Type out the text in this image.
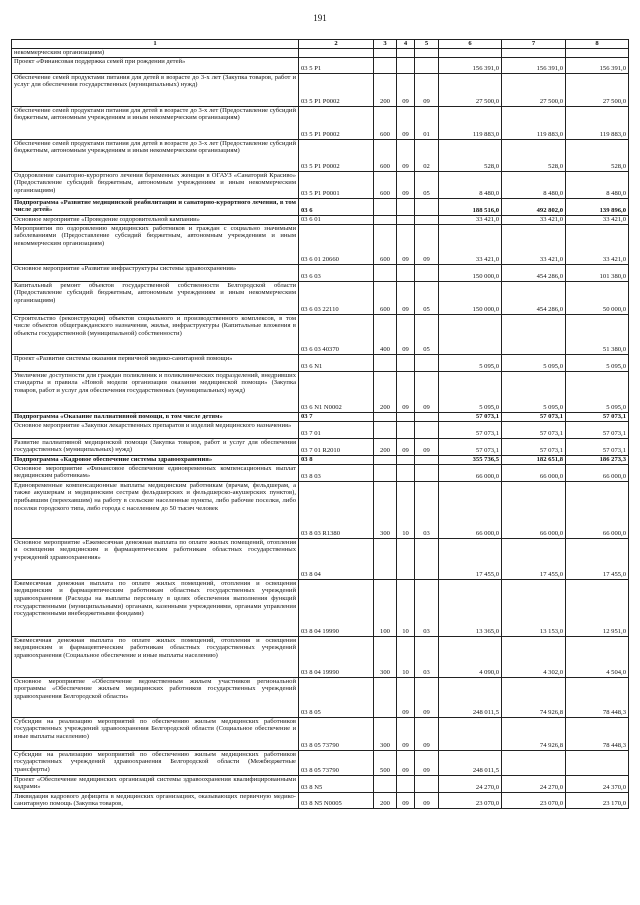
191
1	2	3	4	5	6	7	8
некоммерческим организациям)							
Проект «Финансовая поддержка семей при рождении детей»	03 5 P1				156 391,0	156 391,0	156 391,0
Обеспечение семей продуктами питания для детей в возрасте до 3-х лет (Закупка товаров, работ и услуг для обеспечения государственных (муниципальных) нужд)	03 5 P1 P0002	200	09	09	27 500,0	27 500,0	27 500,0
Обеспечение семей продуктами питания для детей в возрасте до 3-х лет (Предоставление субсидий бюджетным, автономным учреждениям и иным некоммерческим организациям)	03 5 P1 P0002	600	09	01	119 883,0	119 883,0	119 883,0
Обеспечение семей продуктами питания для детей в возрасте до 3-х лет (Предоставление субсидий бюджетным, автономным учреждениям и иным некоммерческим организациям)	03 5 P1 P0002	600	09	02	528,0	528,0	528,0
Оздоровление санаторно-курортного лечения беременных женщин в ОГАУЗ «Санаторий Красиво» (Предоставление субсидий бюджетным, автономным учреждениям и иным некоммерческим организациям)	03 5 P1 P0001	600	09	05	8 480,0	8 480,0	8 480,0
Подпрограмма «Развитие медицинской реабилитации и санаторно-курортного лечения, в том числе детей»	03 6				188 516,0	492 802,0	139 896,0
Основное мероприятие «Проведение оздоровительной кампании»	03 6 01				33 421,0	33 421,0	33 421,0
Мероприятия по оздоровлению медицинских работников и граждан с социально значимыми заболеваниями (Предоставление субсидий бюджетным, автономным учреждениям и иным некоммерческим организациям)	03 6 01 20660	600	09	09	33 421,0	33 421,0	33 421,0
Основное мероприятие «Развитие инфраструктуры системы здравоохранения»	03 6 03				150 000,0	454 286,0	101 380,0
Капитальный ремонт объектов государственной собственности Белгородской области (Предоставление субсидий бюджетным, автономным учреждениям и иным некоммерческим организациям)	03 6 03 22110	600	09	05	150 000,0	454 286,0	50 000,0
Строительство (реконструкция) объектов социального и производственного комплексов, в том числе объектов общегражданского назначения, жилья, инфраструктуры (Капитальные вложения в объекты государственной (муниципальной) собственности)	03 6 03 40370	400	09	05			51 380,0
Проект «Развитие системы оказания первичной медико-санитарной помощи»	03 6 N1				5 095,0	5 095,0	5 095,0
Увеличение доступности для граждан поликлиник и поликлинических подразделений, внедривших стандарты и правила «Новой модели организации оказания медицинской помощи» (Закупка товаров, работ и услуг для обеспечения государственных (муниципальных) нужд)	03 6 N1 N0002	200	09	09	5 095,0	5 095,0	5 095,0
Подпрограмма «Оказание паллиативной помощи, в том числе детям»	03 7				57 073,1	57 073,1	57 073,1
Основное мероприятие «Закупки лекарственных препаратов и изделий медицинского назначения»	03 7 01				57 073,1	57 073,1	57 073,1
Развитие паллиативной медицинской помощи (Закупка товаров, работ и услуг для обеспечения государственных (муниципальных) нужд)	03 7 01 R2010	200	09	09	57 073,1	57 073,1	57 073,1
Подпрограмма «Кадровое обеспечение системы здравоохранения»	03 8				355 736,5	182 651,8	186 273,3
Основное мероприятие «Финансовое обеспечение единовременных компенсационных выплат медицинским работникам»	03 8 03				66 000,0	66 000,0	66 000,0
Единовременные компенсационные выплаты медицинским работникам (врачам, фельдшерам, а также акушеркам и медицинским сестрам фельдшерских и фельдшерско-акушерских пунктов), прибывшим (переехавшим) на работу в сельские населенные пункты, либо рабочие поселки, либо поселки городского типа, либо города с населением до 50 тысяч человек	03 8 03 R1380	300	10	03	66 000,0	66 000,0	66 000,0
Основное мероприятие «Ежемесячная денежная выплата по оплате жилых помещений, отопления и освещения медицинским и фармацевтическим работникам областных государственных учреждений здравоохранения»	03 8 04				17 455,0	17 455,0	17 455,0
Ежемесячная денежная выплата по оплате жилых помещений, отопления и освещения медицинским и фармацевтическим работникам областных государственных учреждений здравоохранения (Расходы на выплаты персоналу в целях обеспечения выполнения функций государственными (муниципальными) органами, казенными учреждениями, органами управления государственными внебюджетными фондами)	03 8 04 19990	100	10	03	13 365,0	13 153,0	12 951,0
Ежемесячная денежная выплата по оплате жилых помещений, отопления и освещения медицинским и фармацевтическим работникам областных государственных учреждений здравоохранения (Социальное обеспечение и иные выплаты населению)	03 8 04 19990	300	10	03	4 090,0	4 302,0	4 504,0
Основное мероприятие «Обеспечение ведомственным жильем участников региональной программы «Обеспечение жильем медицинских работников государственных учреждений здравоохранения Белгородской области»	03 8 05		09	09	248 011,5	74 926,8	78 448,3
Субсидии на реализацию мероприятий по обеспечению жильем медицинских работников государственных учреждений здравоохранения Белгородской области (Социальное обеспечение и иные выплаты населению)	03 8 05 73790	300	09	09		74 926,8	78 448,3
Субсидии на реализацию мероприятий по обеспечению жильем медицинских работников государственных учреждений здравоохранения Белгородской области (Межбюджетные трансферты)	03 8 05 73790	500	09	09	248 011,5		
Проект «Обеспечение медицинских организаций системы здравоохранения квалифицированными кадрами»	03 8 N5				24 270,0	24 270,0	24 370,0
Ликвидация кадрового дефицита в медицинских организациях, оказывающих первичную медико-санитарную помощь (Закупка товаров,	03 8 N5 N0005	200	09	09	23 070,0	23 070,0	23 170,0
